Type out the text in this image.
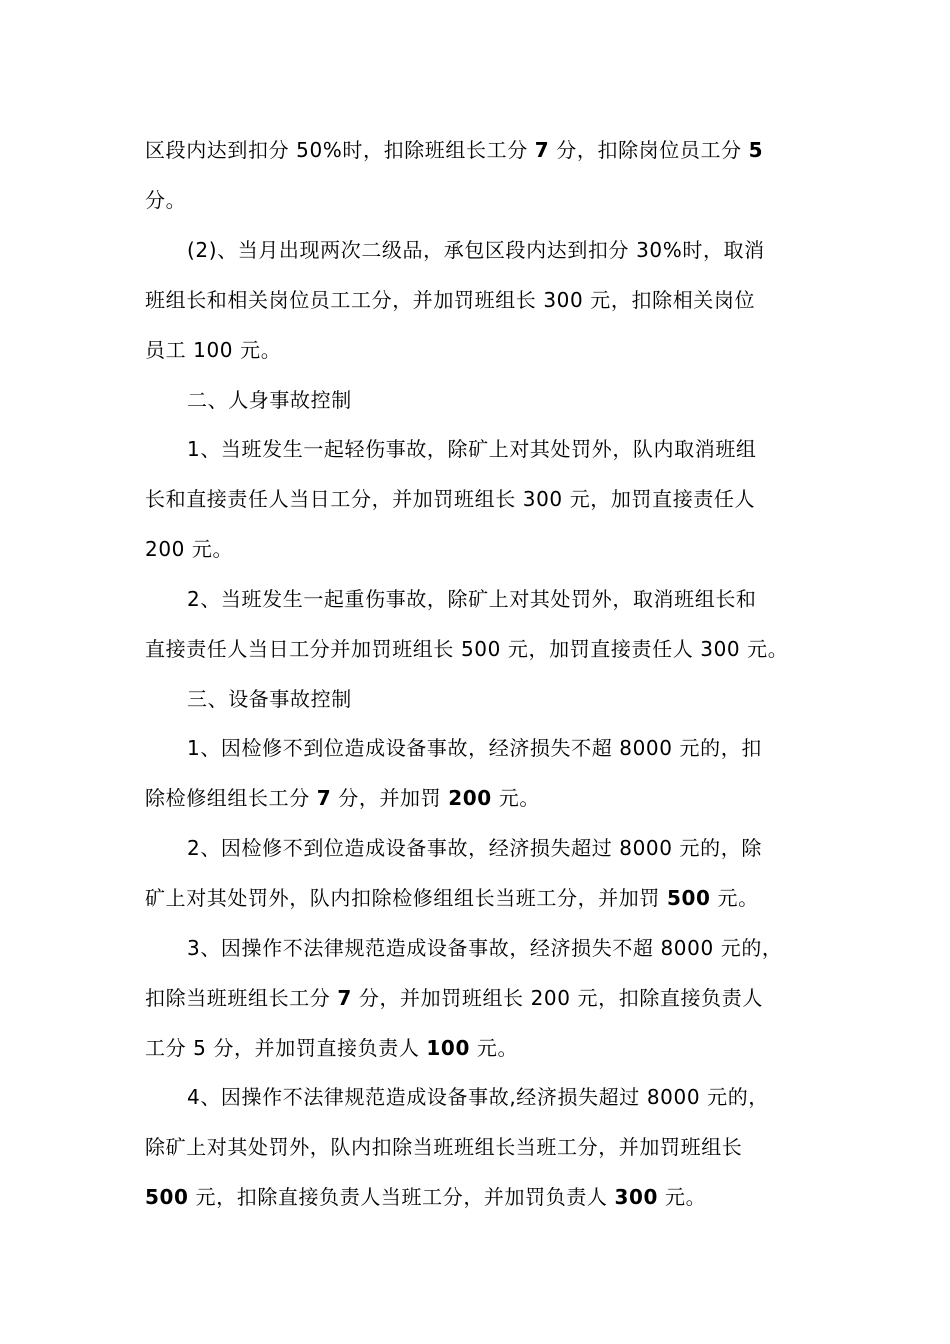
区段内达到扣分 50%时，扣除班组长工分 7 分，扣除岗位员工分 5
分。
(2)、当月出现两次二级品，承包区段内达到扣分 30%时，取消
班组长和相关岗位员工工分，并加罚班组长 300 元，扣除相关岗位
员工 100 元。
二、人身事故控制
1、当班发生一起轻伤事故，除矿上对其处罚外，队内取消班组
长和直接责任人当日工分，并加罚班组长 300 元，加罚直接责任人
200 元。
2、当班发生一起重伤事故，除矿上对其处罚外，取消班组长和
直接责任人当日工分并加罚班组长 500 元，加罚直接责任人 300 元。
三、设备事故控制
1、因检修不到位造成设备事故，经济损失不超 8000 元的，扣
除检修组组长工分 7 分，并加罚 200 元。
2、因检修不到位造成设备事故，经济损失超过 8000 元的，除
矿上对其处罚外，队内扣除检修组组长当班工分，并加罚 500 元。
3、因操作不法律规范造成设备事故，经济损失不超 8000 元的，
扣除当班班组长工分 7 分，并加罚班组长 200 元，扣除直接负责人
工分 5 分，并加罚直接负责人 100 元。
4、因操作不法律规范造成设备事故,经济损失超过 8000 元的，
除矿上对其处罚外，队内扣除当班班组长当班工分，并加罚班组长
500 元，扣除直接负责人当班工分，并加罚负责人 300 元。
